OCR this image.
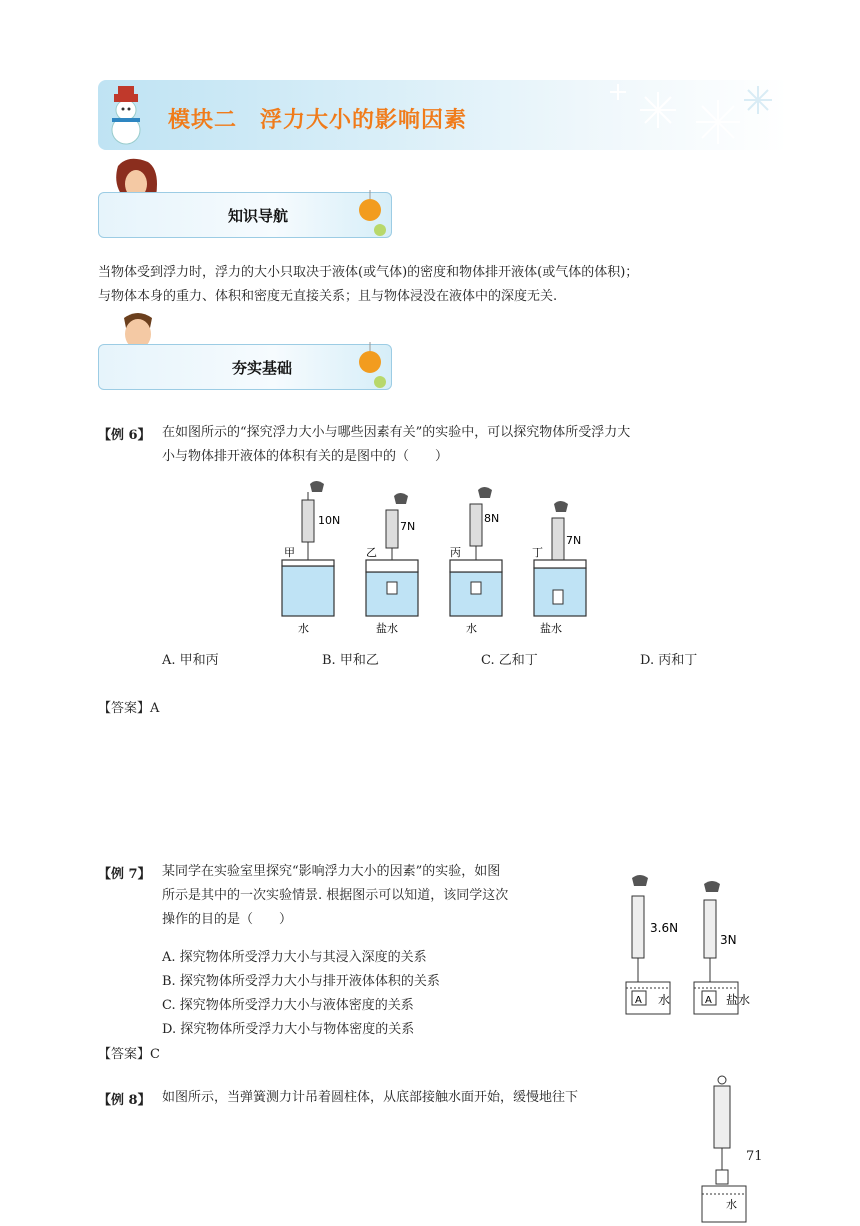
模块二　浮力大小的影响因素
知识导航
当物体受到浮力时，浮力的大小只取决于液体(或气体)的密度和物体排开液体(或气体的体积)；
与物体本身的重力、体积和密度无直接关系；且与物体浸没在液体中的深度无关.
夯实基础
【例 6】 在如图所示的“探究浮力大小与哪些因素有关”的实验中，可以探究物体所受浮力大
小与物体排开液体的体积有关的是图中的（　　）
10N
甲
水
7N
乙
盐水
8N
丙
水
7N
丁
盐水
A. 甲和丙	B. 甲和乙	C. 乙和丁	D. 丙和丁
【答案】A
【例 7】 某同学在实验室里探究“影响浮力大小的因素”的实验，如图
所示是其中的一次实验情景. 根据图示可以知道，该同学这次
操作的目的是（　　）
A. 探究物体所受浮力大小与其浸入深度的关系
B. 探究物体所受浮力大小与排开液体体积的关系
C. 探究物体所受浮力大小与液体密度的关系
D. 探究物体所受浮力大小与物体密度的关系
【答案】C
A
3.6N
水	A
3N
盐水
【例 8】 如图所示，当弹簧测力计吊着圆柱体，从底部接触水面开始，缓慢地往下
水
71
